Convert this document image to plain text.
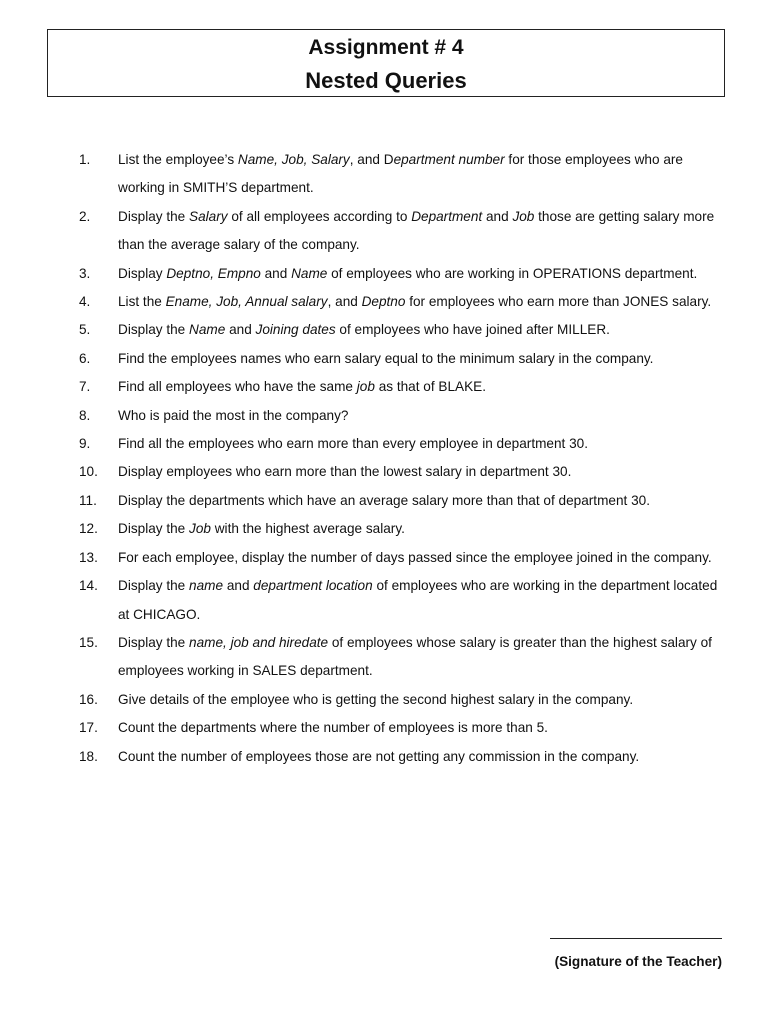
Assignment # 4
Nested Queries
1. List the employee’s Name, Job, Salary, and Department number for those employees who are working in SMITH’S department.
2. Display the Salary of all employees according to Department and Job those are getting salary more than the average salary of the company.
3. Display Deptno, Empno and Name of employees who are working in OPERATIONS department.
4. List the Ename, Job, Annual salary, and Deptno for employees who earn more than JONES salary.
5. Display the Name and Joining dates of employees who have joined after MILLER.
6. Find the employees names who earn salary equal to the minimum salary in the company.
7. Find all employees who have the same job as that of BLAKE.
8. Who is paid the most in the company?
9. Find all the employees who earn more than every employee in department 30.
10. Display employees who earn more than the lowest salary in department 30.
11. Display the departments which have an average salary more than that of department 30.
12. Display the Job with the highest average salary.
13. For each employee, display the number of days passed since the employee joined in the company.
14. Display the name and department location of employees who are working in the department located at CHICAGO.
15. Display the name, job and hiredate of employees whose salary is greater than the highest salary of employees working in SALES department.
16. Give details of the employee who is getting the second highest salary in the company.
17. Count the departments where the number of employees is more than 5.
18. Count the number of employees those are not getting any commission in the company.
(Signature of the Teacher)
